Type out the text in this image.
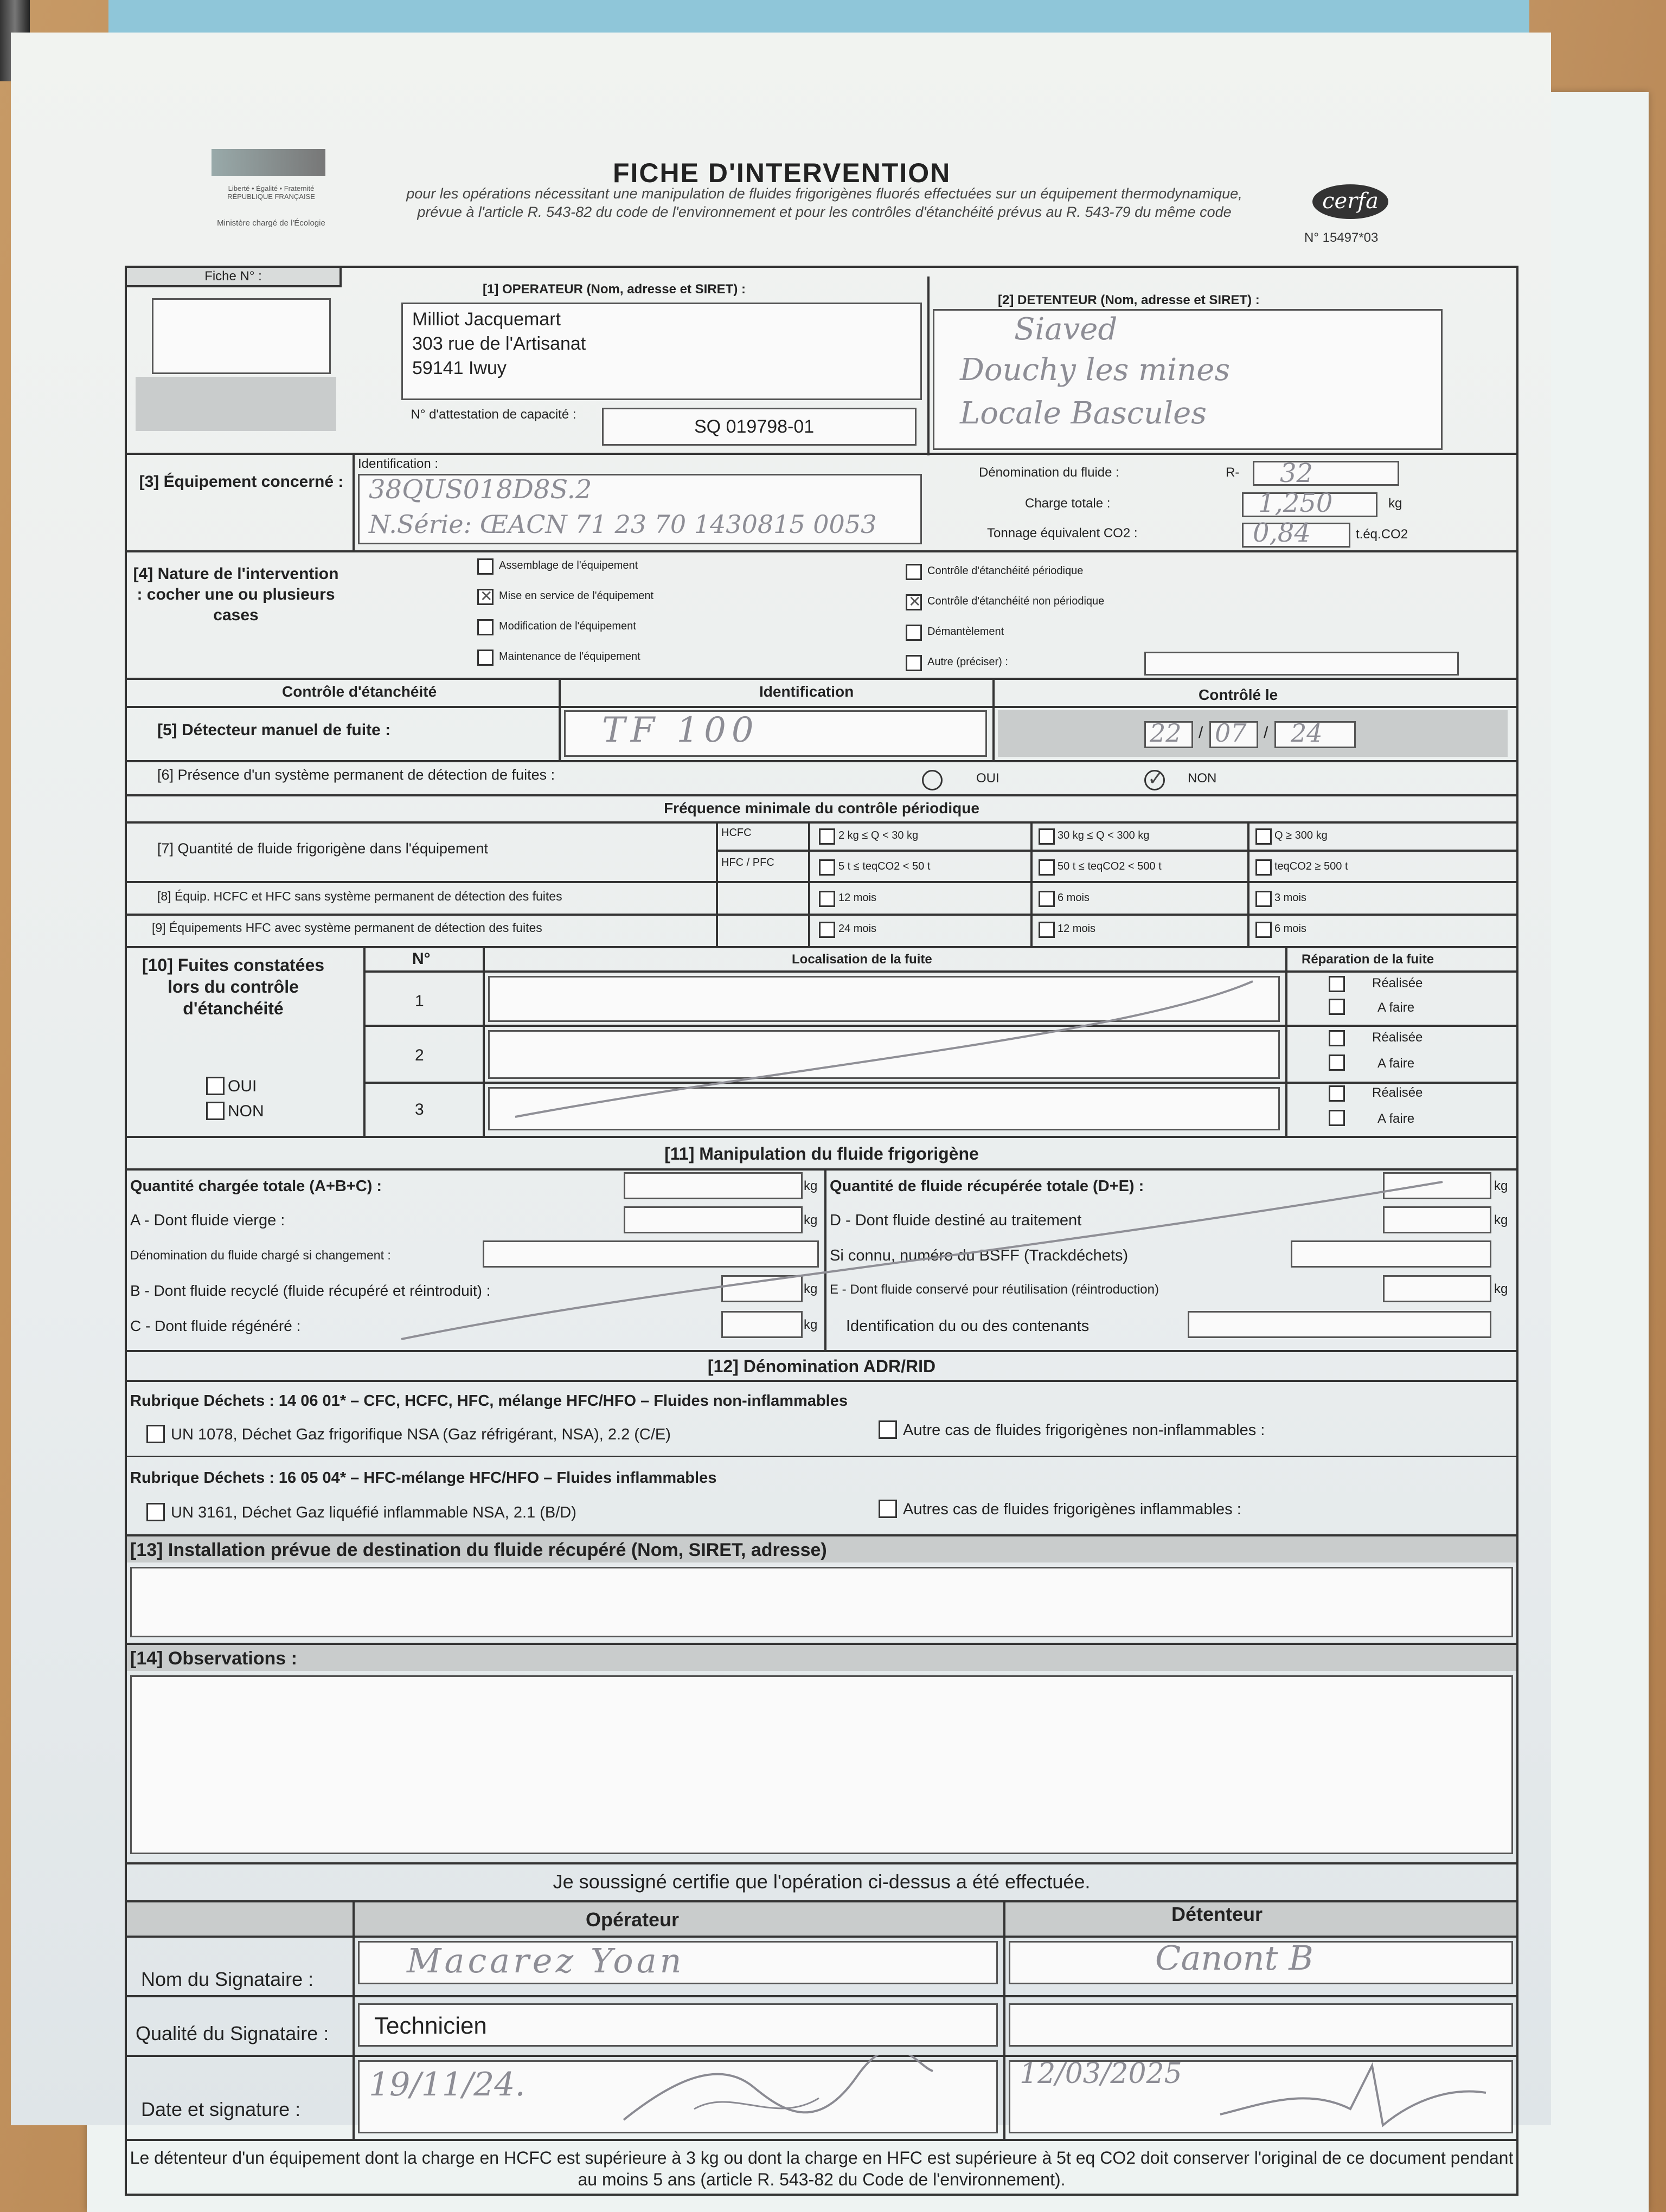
Liberté • Égalité • Fraternité RÉPUBLIQUE FRANÇAISE
Ministère chargé de l'Écologie
FICHE D'INTERVENTION
pour les opérations nécessitant une manipulation de fluides frigorigènes fluorés effectuées sur un équipement thermodynamique, prévue à l'article R. 543-82 du code de l'environnement et pour les contrôles d'étanchéité prévus au R. 543-79 du même code	cerfa
N° 15497*03
Fiche N° :
[1] OPERATEUR (Nom, adresse et SIRET) :
Milliot Jacquemart
303 rue de l'Artisanat
59141 Iwuy
N° d'attestation de capacité :
SQ 019798-01
[2] DETENTEUR (Nom, adresse et SIRET) :
Siaved
Douchy les mines
Locale Bascules
[3] Équipement concerné :
Identification :
38QUS018D8S.2
N.Série: ŒACN 71 23 70 1430815 0053
Dénomination du fluide :	R- 32
Charge totale :	1,250	kg
Tonnage équivalent CO2 :	0,84	t.éq.CO2
[4] Nature de l'intervention : cocher une ou plusieurs cases
Assemblage de l'équipement
✕
Mise en service de l'équipement
Modification de l'équipement
Maintenance de l'équipement
Contrôle d'étanchéité périodique
✕
Contrôle d'étanchéité non périodique
Démantèlement
Autre (préciser) :
Contrôle d'étanchéité	Identification	Contrôlé le
[5] Détecteur manuel de fuite :	TF 100	22 / 07 / 24
[6] Présence d'un système permanent de détection de fuites :	OUI
✓	NON
Fréquence minimale du contrôle périodique
[7] Quantité de fluide frigorigène dans l'équipement
HCFC
HFC / PFC
2 kg ≤ Q < 30 kg	30 kg ≤ Q < 300 kg	Q ≥ 300 kg
5 t ≤ teqCO2 < 50 t	50 t ≤ teqCO2 < 500 t	teqCO2 ≥ 500 t
[8] Équip. HCFC et HFC sans système permanent de détection des fuites	12 mois	6 mois	3 mois
[9] Équipements HFC avec système permanent de détection des fuites	24 mois	12 mois	6 mois
[10] Fuites constatées lors du contrôle d'étanchéité
OUI
NON
N°	Localisation de la fuite	Réparation de la fuite
1
2
3
Réalisée
A faire
Réalisée
A faire
Réalisée
A faire
[11] Manipulation du fluide frigorigène
Quantité chargée totale (A+B+C) :	kg
A - Dont fluide vierge :	kg
Dénomination du fluide chargé si changement :
B - Dont fluide recyclé (fluide récupéré et réintroduit) :	kg
C - Dont fluide régénéré :	kg
Quantité de fluide récupérée totale (D+E) :	kg
D - Dont fluide destiné au traitement	kg
Si connu, numéro du BSFF (Trackdéchets)
E - Dont fluide conservé pour réutilisation (réintroduction)	kg
Identification du ou des contenants
[12] Dénomination ADR/RID
Rubrique Déchets : 14 06 01* – CFC, HCFC, HFC, mélange HFC/HFO – Fluides non-inflammables
UN 1078, Déchet Gaz frigorifique NSA (Gaz réfrigérant, NSA), 2.2 (C/E)	Autre cas de fluides frigorigènes non-inflammables :
Rubrique Déchets : 16 05 04* – HFC-mélange HFC/HFO – Fluides inflammables
UN 3161, Déchet Gaz liquéfié inflammable NSA, 2.1 (B/D)	Autres cas de fluides frigorigènes inflammables :
[13] Installation prévue de destination du fluide récupéré (Nom, SIRET, adresse)
[14] Observations :
Je soussigné certifie que l'opération ci-dessus a été effectuée.
Opérateur	Détenteur
Nom du Signataire :	Macarez Yoan	Canont B
Qualité du Signataire : Technicien
Date et signature :
19/11/24.	12/03/2025
Le détenteur d'un équipement dont la charge en HCFC est supérieure à 3 kg ou dont la charge en HFC est supérieure à 5t eq CO2 doit conserver l'original de ce document pendant au moins 5 ans (article R. 543-82 du Code de l'environnement).
